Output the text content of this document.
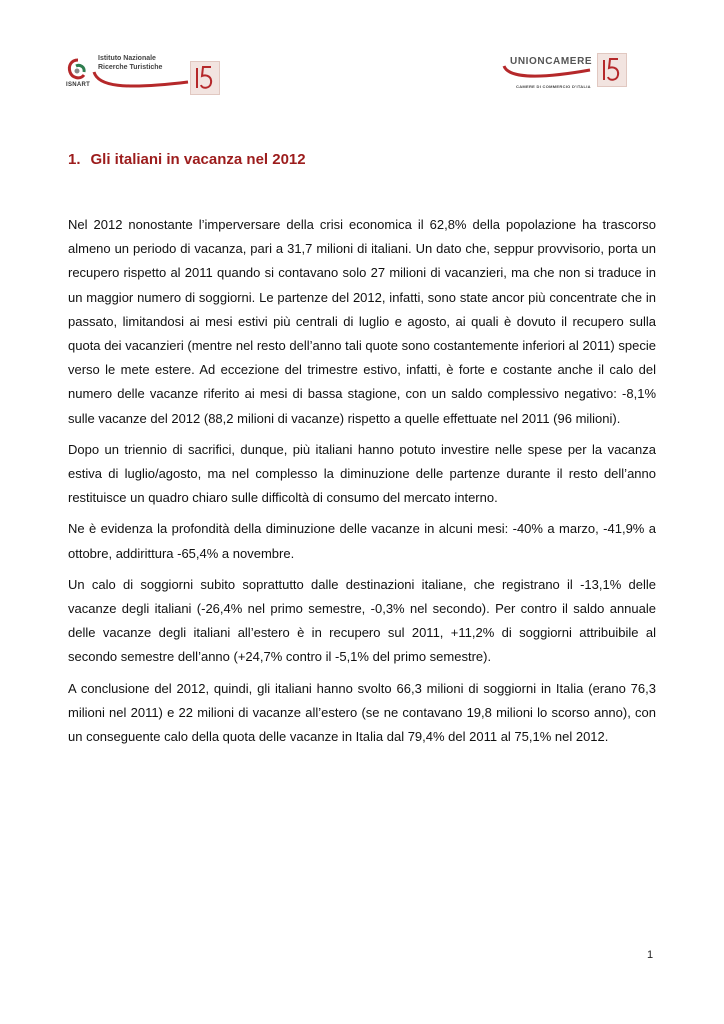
ISNART
Istituto Nazionale
Ricerche Turistiche
UNIONCAMERE
CAMERE DI COMMERCIO D'ITALIA
1. Gli italiani in vacanza nel 2012

Nel 2012 nonostante l’imperversare della crisi economica il 62,8% della popolazione ha trascorso almeno un periodo di vacanza, pari a 31,7 milioni di italiani. Un dato che, seppur provvisorio, porta un recupero rispetto al 2011 quando si contavano solo 27 milioni di vacanzieri, ma che non si traduce in un maggior numero di soggiorni. Le partenze del 2012, infatti, sono state ancor più concentrate che in passato, limitandosi ai mesi estivi più centrali di luglio e agosto, ai quali è dovuto il recupero sulla quota dei vacanzieri (mentre nel resto dell’anno tali quote sono costantemente inferiori al 2011) specie verso le mete estere. Ad eccezione del trimestre estivo, infatti, è forte e costante anche il calo del numero delle vacanze riferito ai mesi di bassa stagione, con un saldo complessivo negativo: -8,1% sulle vacanze del 2012 (88,2 milioni di vacanze) rispetto a quelle effettuate nel 2011 (96 milioni).

Dopo un triennio di sacrifici, dunque, più italiani hanno potuto investire nelle spese per la vacanza estiva di luglio/agosto, ma nel complesso la diminuzione delle partenze durante il resto dell’anno restituisce un quadro chiaro sulle difficoltà di consumo del mercato interno.

Ne è evidenza la profondità della diminuzione delle vacanze in alcuni mesi: -40% a marzo, -41,9% a ottobre, addirittura -65,4% a novembre.

Un calo di soggiorni subito soprattutto dalle destinazioni italiane, che registrano il -13,1% delle vacanze degli italiani (-26,4% nel primo semestre, -0,3% nel secondo). Per contro il saldo annuale delle vacanze degli italiani all’estero è in recupero sul 2011, +11,2% di soggiorni attribuibile al secondo semestre dell’anno (+24,7% contro il -5,1% del primo semestre).

A conclusione del 2012, quindi, gli italiani hanno svolto 66,3 milioni di soggiorni in Italia (erano 76,3 milioni nel 2011) e 22 milioni di vacanze all’estero (se ne contavano 19,8 milioni lo scorso anno), con un conseguente calo della quota delle vacanze in Italia dal 79,4% del 2011 al 75,1% nel 2012.

1
